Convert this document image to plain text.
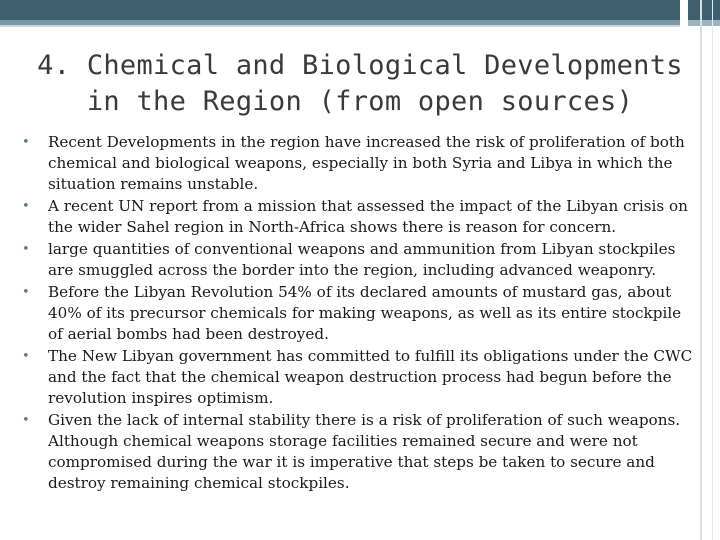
4. Chemical and Biological Developments
in the Region (from open sources)
• Recent Developments in the region have increased the risk of proliferation of both chemical and biological weapons, especially in both Syria and Libya in which the situation remains unstable.
• A recent UN report from a mission that assessed the impact of the Libyan crisis on the wider Sahel region in North-Africa shows there is reason for concern.
• large quantities of conventional weapons and ammunition from Libyan stockpiles are smuggled across the border into the region, including advanced weaponry.
• Before the Libyan Revolution 54% of its declared amounts of mustard gas, about 40% of its precursor chemicals for making weapons, as well as its entire stockpile of aerial bombs had been destroyed.
• The New Libyan government has committed to fulfill its obligations under the CWC and the fact that the chemical weapon destruction process had begun before the revolution inspires optimism.
• Given the lack of internal stability there is a risk of proliferation of such weapons. Although chemical weapons storage facilities remained secure and were not compromised during the war it is imperative that steps be taken to secure and destroy remaining chemical stockpiles.
